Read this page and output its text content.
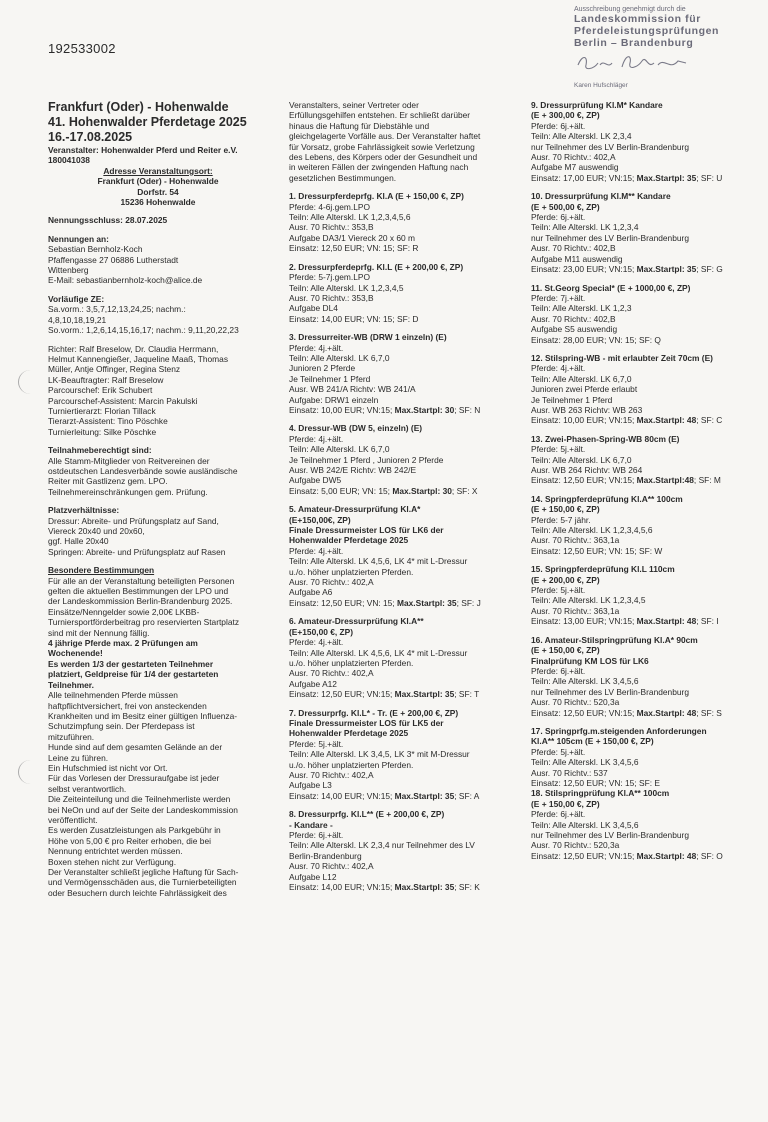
192533002
Ausschreibung genehmigt durch die
Landeskommission für
Pferdeleistungsprüfungen
Berlin – Brandenburg
Karen Hufschläger
Frankfurt (Oder) - Hohenwalde
41. Hohenwalder Pferdetage 2025
16.-17.08.2025
Veranstalter: Hohenwalder Pferd und Reiter e.V.
180041038
Adresse Veranstaltungsort:
Frankfurt (Oder) - Hohenwalde
Dorfstr. 54
15236 Hohenwalde
Nennungsschluss: 28.07.2025
Nennungen an:
Sebastian Bernholz-Koch
Pfaffengasse 27 06886 Lutherstadt
Wittenberg
E-Mail: sebastianbernholz-koch@alice.de
Vorläufige ZE:
Sa.vorm.: 3,5,7,12,13,24,25; nachm.:
4,8,10,18,19,21
So.vorm.: 1,2,6,14,15,16,17; nachm.: 9,11,20,22,23
Richter: Ralf Breselow, Dr. Claudia Herrmann,
Helmut Kannengießer, Jaqueline Maaß, Thomas
Müller, Antje Offinger, Regina Stenz
LK-Beauftragter: Ralf Breselow
Parcourschef: Erik Schubert
Parcourschef-Assistent: Marcin Pakulski
Turniertierarzt: Florian Tillack
Tierarzt-Assistent: Tino Pöschke
Turnierleitung: Silke Pöschke
Teilnahmeberechtigt sind:
Alle Stamm-Mitglieder von Reitvereinen der
ostdeutschen Landesverbände sowie ausländische
Reiter mit Gastlizenz gem. LPO.
Teilnehmereinschränkungen gem. Prüfung.
Platzverhältnisse:
Dressur: Abreite- und Prüfungsplatz auf Sand,
Viereck 20x40 und 20x60,
ggf. Halle 20x40
Springen: Abreite- und Prüfungsplatz auf Rasen
Besondere Bestimmungen
Für alle an der Veranstaltung beteiligten Personen
gelten die aktuellen Bestimmungen der LPO und
der Landeskommission Berlin-Brandenburg 2025.
Einsätze/Nenngelder sowie 2,00€ LKBB-
Turniersportförderbeitrag pro reservierten Startplatz
sind mit der Nennung fällig.
4 jährige Pferde max. 2 Prüfungen am
Wochenende!
Es werden 1/3 der gestarteten Teilnehmer
platziert, Geldpreise für 1/4 der gestarteten
Teilnehmer.
Alle teilnehmenden Pferde müssen
haftpflichtversichert, frei von ansteckenden
Krankheiten und im Besitz einer gültigen Influenza-
Schutzimpfung sein. Der Pferdepass ist
mitzuführen.
Hunde sind auf dem gesamten Gelände an der
Leine zu führen.
Ein Hufschmied ist nicht vor Ort.
Für das Vorlesen der Dressuraufgabe ist jeder
selbst verantwortlich.
Die Zeiteinteilung und die Teilnehmerliste werden
bei NeOn und auf der Seite der Landeskommission
veröffentlicht.
Es werden Zusatzleistungen als Parkgebühr in
Höhe von 5,00 € pro Reiter erhoben, die bei
Nennung entrichtet werden müssen.
Boxen stehen nicht zur Verfügung.
Der Veranstalter schließt jegliche Haftung für Sach-
und Vermögensschäden aus, die Turnierbeteiligten
oder Besuchern durch leichte Fahrlässigkeit des
Veranstalters, seiner Vertreter oder
Erfüllungsgehilfen entstehen. Er schließt darüber
hinaus die Haftung für Diebstähle und
gleichgelagerte Vorfälle aus. Der Veranstalter haftet
für Vorsatz, grobe Fahrlässigkeit sowie Verletzung
des Lebens, des Körpers oder der Gesundheit und
in weiteren Fällen der zwingenden Haftung nach
gesetzlichen Bestimmungen.
1. Dressurpferdeprfg. Kl.A (E + 150,00 €, ZP)
Pferde: 4-6j.gem.LPO
Teiln: Alle Alterskl. LK 1,2,3,4,5,6
Ausr. 70 Richtv.: 353,B
Aufgabe DA3/1 Viereck 20 x 60 m
Einsatz: 12,50 EUR; VN: 15; SF: R
2. Dressurpferdeprfg. Kl.L (E + 200,00 €, ZP)
Pferde: 5-7j.gem.LPO
Teiln: Alle Alterskl. LK 1,2,3,4,5
Ausr. 70 Richtv.: 353,B
Aufgabe DL4
Einsatz: 14,00 EUR; VN: 15; SF: D
3. Dressurreiter-WB (DRW 1 einzeln) (E)
Pferde: 4j.+ält.
Teiln: Alle Alterskl. LK 6,7,0
Junioren 2 Pferde
Je Teilnehmer 1 Pferd
Ausr. WB 241/A Richtv: WB 241/A
Aufgabe: DRW1 einzeln
Einsatz: 10,00 EUR; VN:15; Max.Startpl: 30; SF: N
4. Dressur-WB (DW 5, einzeln) (E)
Pferde: 4j.+ält.
Teiln: Alle Alterskl. LK 6,7,0
Je Teilnehmer 1 Pferd , Junioren 2 Pferde
Ausr. WB 242/E Richtv: WB 242/E
Aufgabe DW5
Einsatz: 5,00 EUR; VN: 15; Max.Startpl: 30; SF: X
5. Amateur-Dressurprüfung Kl.A*
(E+150,00€, ZP)
Finale Dressurmeister LOS für LK6 der
Hohenwalder Pferdetage 2025
Pferde: 4j.+ält.
Teiln: Alle Alterskl. LK 4,5,6, LK 4* mit L-Dressur
u./o. höher unplatzierten Pferden.
Ausr. 70 Richtv.: 402,A
Aufgabe A6
Einsatz: 12,50 EUR; VN: 15; Max.Startpl: 35; SF: J
6. Amateur-Dressurprüfung Kl.A**
(E+150,00 €, ZP)
Pferde: 4j.+ält.
Teiln: Alle Alterskl. LK 4,5,6, LK 4* mit L-Dressur
u./o. höher unplatzierten Pferden.
Ausr. 70 Richtv.: 402,A
Aufgabe A12
Einsatz: 12,50 EUR; VN:15; Max.Startpl: 35; SF: T
7. Dressurprfg. Kl.L* - Tr. (E + 200,00 €, ZP)
Finale Dressurmeister LOS für LK5 der
Hohenwalder Pferdetage 2025
Pferde: 5j.+ält.
Teiln: Alle Alterskl. LK 3,4,5, LK 3* mit M-Dressur
u./o. höher unplatzierten Pferden.
Ausr. 70 Richtv.: 402,A
Aufgabe L3
Einsatz: 14,00 EUR; VN:15; Max.Startpl: 35; SF: A
8. Dressurprfg. Kl.L** (E + 200,00 €, ZP)
- Kandare -
Pferde: 6j.+ält.
Teiln: Alle Alterskl. LK 2,3,4 nur Teilnehmer des LV
Berlin-Brandenburg
Ausr. 70 Richtv.: 402,A
Aufgabe L12
Einsatz: 14,00 EUR; VN:15; Max.Startpl: 35; SF: K
9. Dressurprüfung Kl.M* Kandare
(E + 300,00 €, ZP)
Pferde: 6j.+ält.
Teiln: Alle Alterskl. LK 2,3,4
nur Teilnehmer des LV Berlin-Brandenburg
Ausr. 70 Richtv.: 402,A
Aufgabe M7 auswendig
Einsatz: 17,00 EUR; VN:15; Max.Startpl: 35; SF: U
10. Dressurprüfung Kl.M** Kandare
(E + 500,00 €, ZP)
Pferde: 6j.+ält.
Teiln: Alle Alterskl. LK 1,2,3,4
nur Teilnehmer des LV Berlin-Brandenburg
Ausr. 70 Richtv.: 402,B
Aufgabe M11 auswendig
Einsatz: 23,00 EUR; VN:15; Max.Startpl: 35; SF: G
11. St.Georg Special* (E + 1000,00 €, ZP)
Pferde: 7j.+ält.
Teiln: Alle Alterskl. LK 1,2,3
Ausr. 70 Richtv.: 402,B
Aufgabe S5 auswendig
Einsatz: 28,00 EUR; VN: 15; SF: Q
12. Stilspring-WB - mit erlaubter Zeit 70cm (E)
Pferde: 4j.+ält.
Teiln: Alle Alterskl. LK 6,7,0
Junioren zwei Pferde erlaubt
Je Teilnehmer 1 Pferd
Ausr. WB 263 Richtv: WB 263
Einsatz: 10,00 EUR; VN:15; Max.Startpl: 48; SF: C
13. Zwei-Phasen-Spring-WB 80cm (E)
Pferde: 5j.+ält.
Teiln: Alle Alterskl. LK 6,7,0
Ausr. WB 264 Richtv: WB 264
Einsatz: 12,50 EUR; VN:15; Max.Startpl:48; SF: M
14. Springpferdeprüfung Kl.A** 100cm
(E + 150,00 €, ZP)
Pferde: 5-7 jähr.
Teiln: Alle Alterskl. LK 1,2,3,4,5,6
Ausr. 70 Richtv.: 363,1a
Einsatz: 12,50 EUR; VN: 15; SF: W
15. Springpferdeprüfung Kl.L 110cm
(E + 200,00 €, ZP)
Pferde: 5j.+ält.
Teiln: Alle Alterskl. LK 1,2,3,4,5
Ausr. 70 Richtv.: 363,1a
Einsatz: 13,00 EUR; VN:15; Max.Startpl: 48; SF: I
16. Amateur-Stilspringprüfung Kl.A* 90cm
(E + 150,00 €, ZP)
Finalprüfung KM LOS für LK6
Pferde: 6j.+ält.
Teiln: Alle Alterskl. LK 3,4,5,6
nur Teilnehmer des LV Berlin-Brandenburg
Ausr. 70 Richtv.: 520,3a
Einsatz: 12,50 EUR; VN:15; Max.Startpl: 48; SF: S
17. Springprfg.m.steigenden Anforderungen
Kl.A** 105cm (E + 150,00 €, ZP)
Pferde: 5j.+ält.
Teiln: Alle Alterskl. LK 3,4,5,6
Ausr. 70 Richtv.: 537
Einsatz: 12,50 EUR; VN: 15; SF: E
18. Stilspringprüfung Kl.A** 100cm
(E + 150,00 €, ZP)
Pferde: 6j.+ält.
Teiln: Alle Alterskl. LK 3,4,5,6
nur Teilnehmer des LV Berlin-Brandenburg
Ausr. 70 Richtv.: 520,3a
Einsatz: 12,50 EUR; VN:15; Max.Startpl: 48; SF: O
